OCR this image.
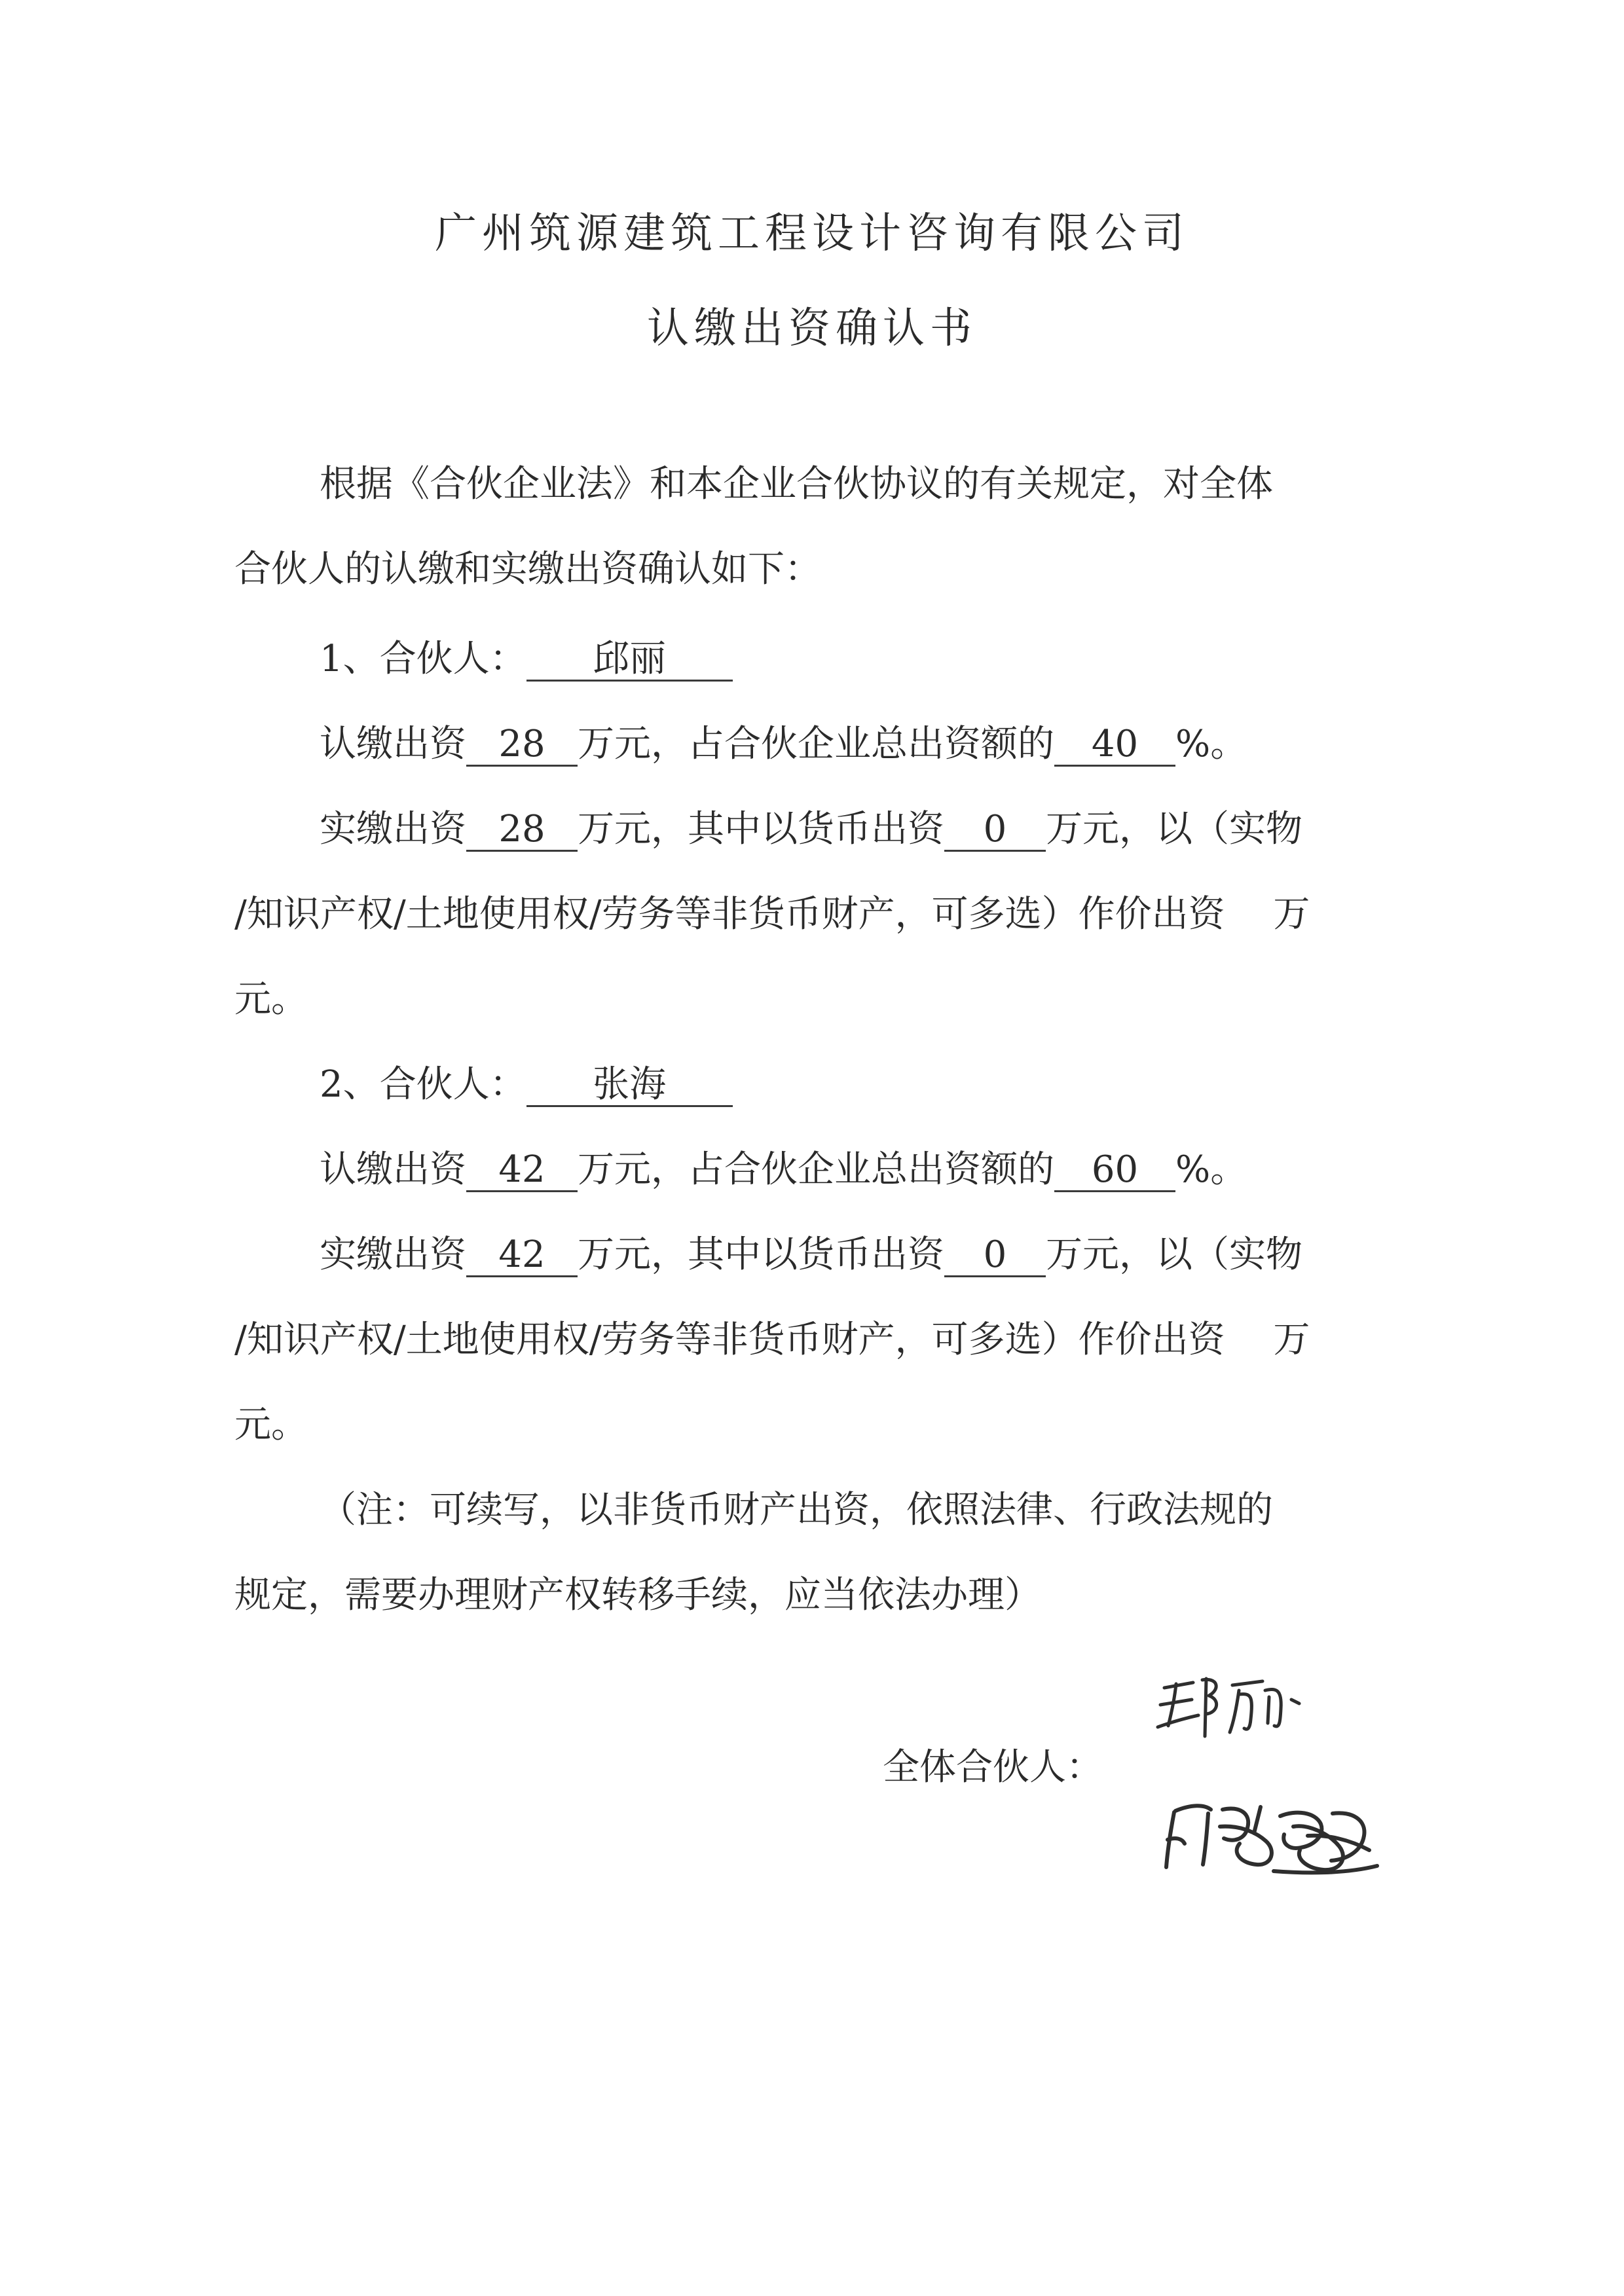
广州筑源建筑工程设计咨询有限公司
认缴出资确认书
根据《合伙企业法》和本企业合伙协议的有关规定，对全体
合伙人的认缴和实缴出资确认如下：
1、合伙人： 邱丽
认缴出资 28 万元，占合伙企业总出资额的 40 %。
实缴出资 28 万元，其中以货币出资 0 万元，以（实物
/知识产权/土地使用权/劳务等非货币财产，可多选）作价出资　 万
元。
2、合伙人： 张海
认缴出资 42 万元，占合伙企业总出资额的 60 %。
实缴出资 42 万元，其中以货币出资 0 万元，以（实物
/知识产权/土地使用权/劳务等非货币财产，可多选）作价出资　 万
元。
（注：可续写，以非货币财产出资，依照法律、行政法规的
规定，需要办理财产权转移手续，应当依法办理）
全体合伙人：
